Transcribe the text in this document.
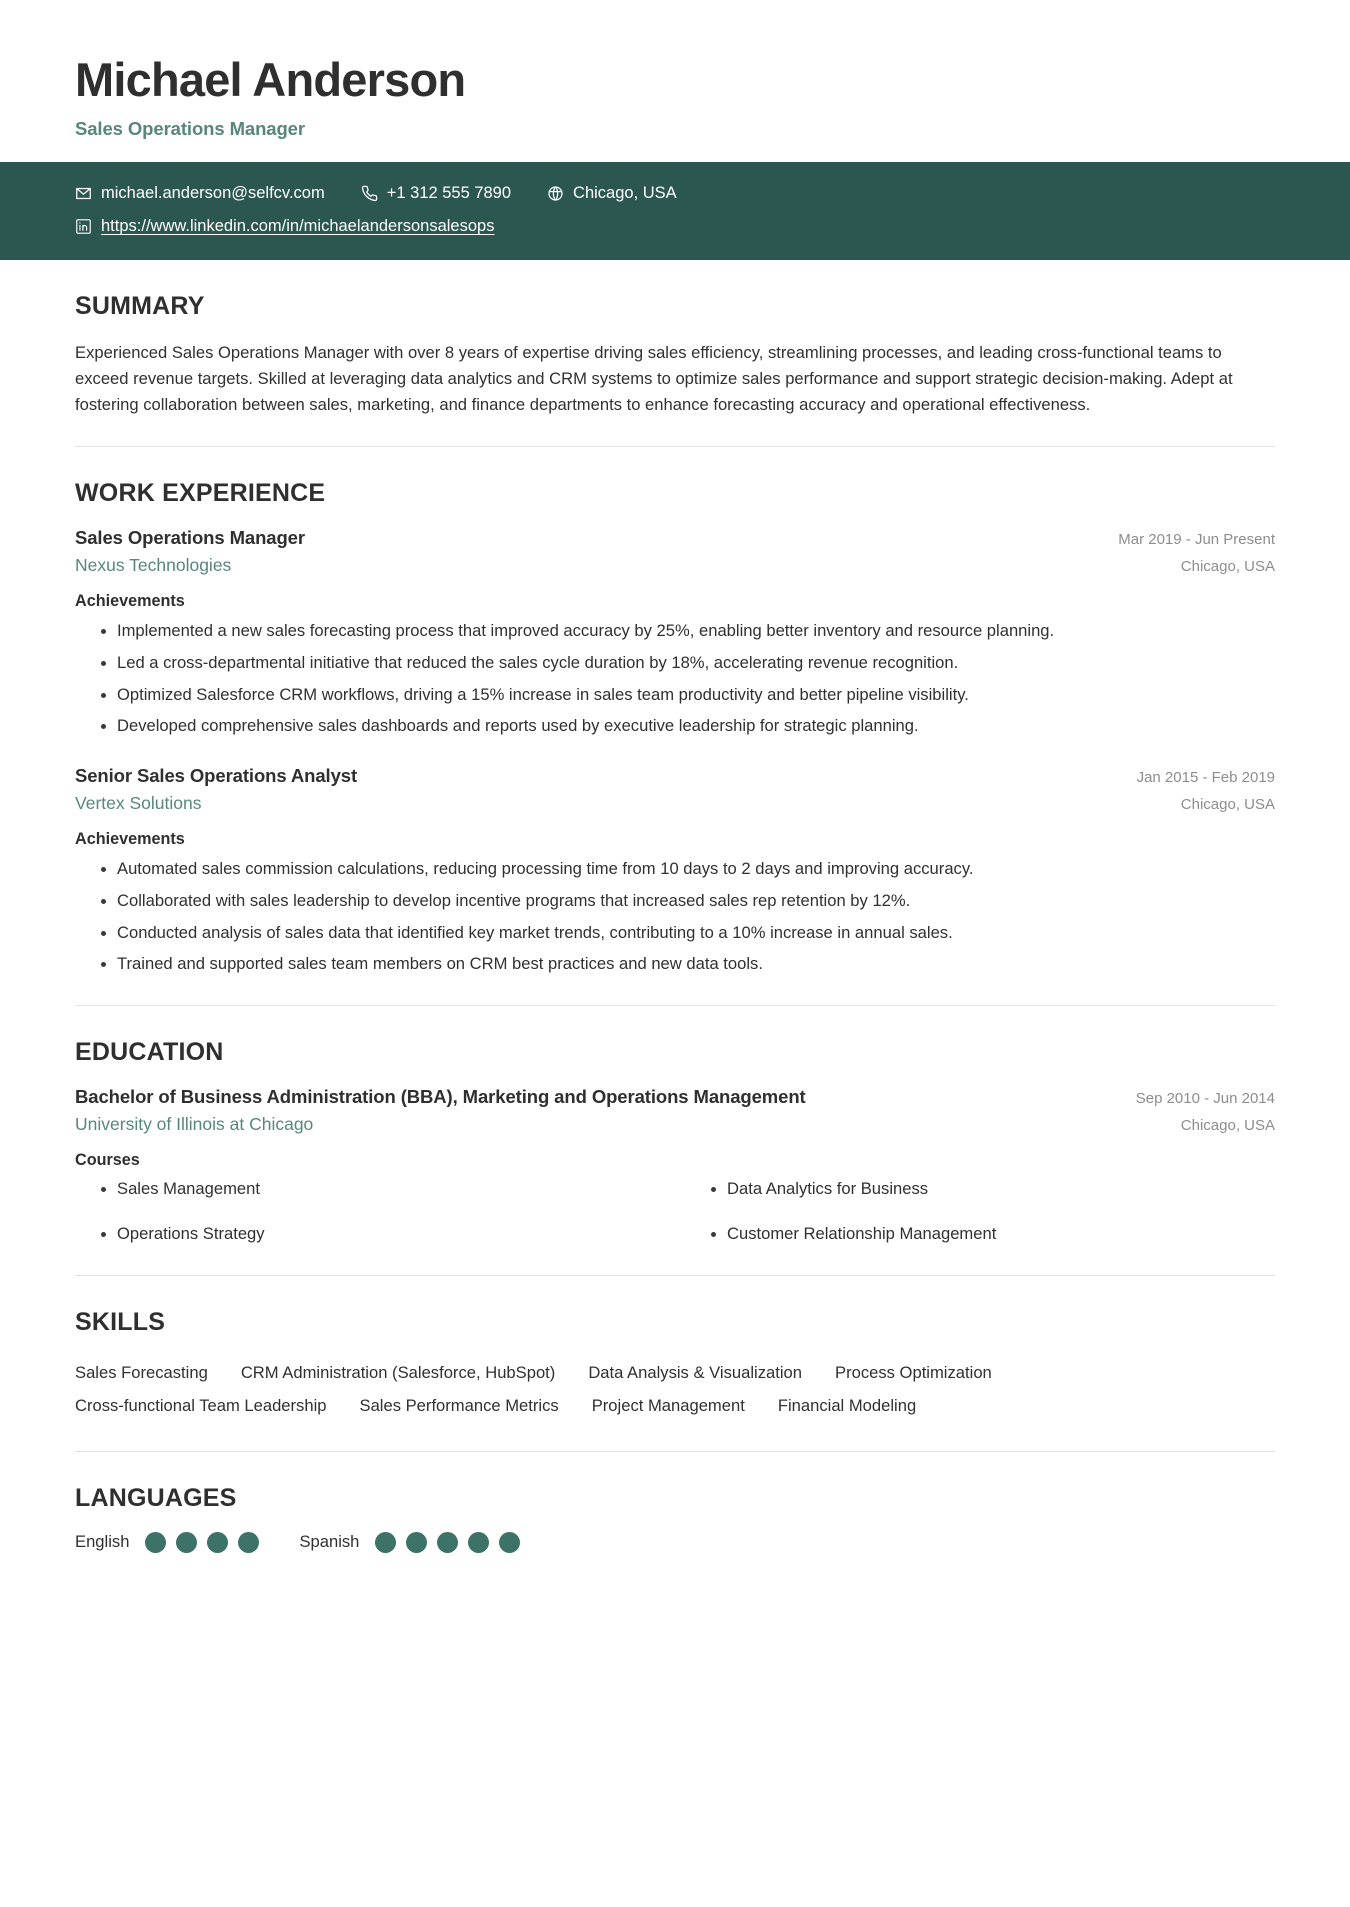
Michael Anderson
Sales Operations Manager
michael.anderson@selfcv.com	+1 312 555 7890	Chicago, USA
https://www.linkedin.com/in/michaelandersonsalesops
SUMMARY
Experienced Sales Operations Manager with over 8 years of expertise driving sales efficiency, streamlining processes, and leading cross-functional teams to exceed revenue targets. Skilled at leveraging data analytics and CRM systems to optimize sales performance and support strategic decision-making. Adept at fostering collaboration between sales, marketing, and finance departments to enhance forecasting accuracy and operational effectiveness.
WORK EXPERIENCE
Sales Operations Manager	Mar 2019 - Jun Present
Nexus Technologies	Chicago, USA
Achievements
Implemented a new sales forecasting process that improved accuracy by 25%, enabling better inventory and resource planning.
Led a cross-departmental initiative that reduced the sales cycle duration by 18%, accelerating revenue recognition.
Optimized Salesforce CRM workflows, driving a 15% increase in sales team productivity and better pipeline visibility.
Developed comprehensive sales dashboards and reports used by executive leadership for strategic planning.
Senior Sales Operations Analyst	Jan 2015 - Feb 2019
Vertex Solutions	Chicago, USA
Achievements
Automated sales commission calculations, reducing processing time from 10 days to 2 days and improving accuracy.
Collaborated with sales leadership to develop incentive programs that increased sales rep retention by 12%.
Conducted analysis of sales data that identified key market trends, contributing to a 10% increase in annual sales.
Trained and supported sales team members on CRM best practices and new data tools.
EDUCATION
Bachelor of Business Administration (BBA), Marketing and Operations Management	Sep 2010 - Jun 2014
University of Illinois at Chicago	Chicago, USA
Courses
Sales Management	Data Analytics for Business
Operations Strategy	Customer Relationship Management
SKILLS
Sales Forecasting	CRM Administration (Salesforce, HubSpot)	Data Analysis & Visualization	Process Optimization
Cross-functional Team Leadership	Sales Performance Metrics	Project Management	Financial Modeling
LANGUAGES
English	Spanish
